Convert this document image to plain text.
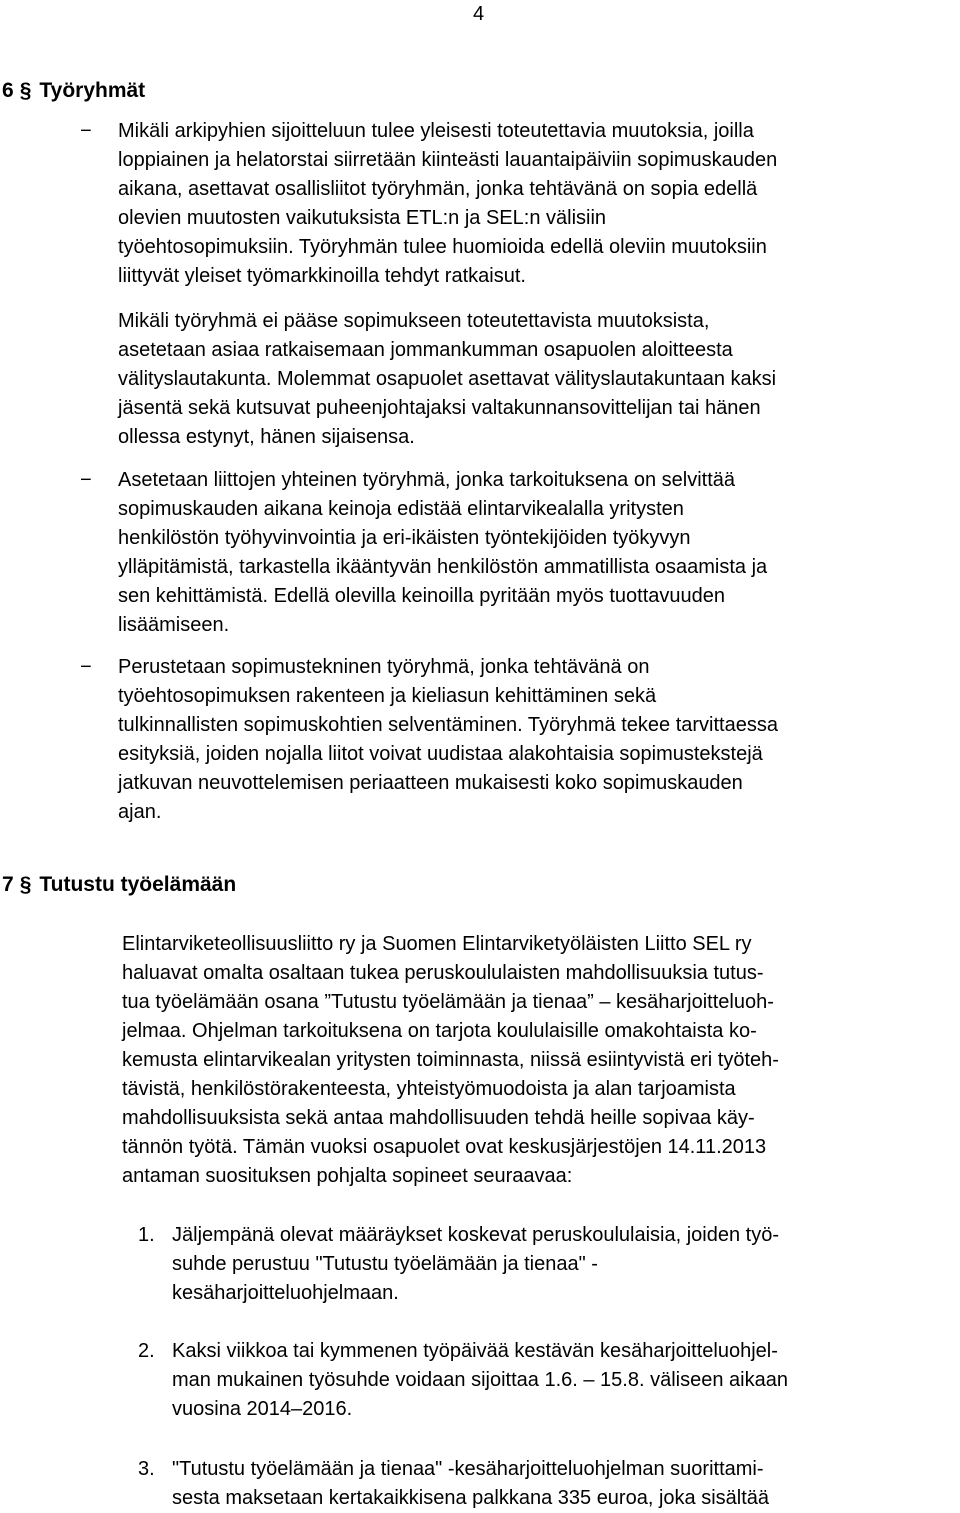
4
6 § Työryhmät
− Mikäli arkipyhien sijoitteluun tulee yleisesti toteutettavia muutoksia, joilla
loppiainen ja helatorstai siirretään kiinteästi lauantaipäiviin sopimuskauden
aikana, asettavat osallisliitot työryhmän, jonka tehtävänä on sopia edellä
olevien muutosten vaikutuksista ETL:n ja SEL:n välisiin
työehtosopimuksiin. Työryhmän tulee huomioida edellä oleviin muutoksiin
liittyvät yleiset työmarkkinoilla tehdyt ratkaisut.
Mikäli työryhmä ei pääse sopimukseen toteutettavista muutoksista,
asetetaan asiaa ratkaisemaan jommankumman osapuolen aloitteesta
välityslautakunta. Molemmat osapuolet asettavat välityslautakuntaan kaksi
jäsentä sekä kutsuvat puheenjohtajaksi valtakunnansovittelijan tai hänen
ollessa estynyt, hänen sijaisensa.
− Asetetaan liittojen yhteinen työryhmä, jonka tarkoituksena on selvittää
sopimuskauden aikana keinoja edistää elintarvikealalla yritysten
henkilöstön työhyvinvointia ja eri-ikäisten työntekijöiden työkyvyn
ylläpitämistä, tarkastella ikääntyvän henkilöstön ammatillista osaamista ja
sen kehittämistä. Edellä olevilla keinoilla pyritään myös tuottavuuden
lisäämiseen.
− Perustetaan sopimustekninen työryhmä, jonka tehtävänä on
työehtosopimuksen rakenteen ja kieliasun kehittäminen sekä
tulkinnallisten sopimuskohtien selventäminen. Työryhmä tekee tarvittaessa
esityksiä, joiden nojalla liitot voivat uudistaa alakohtaisia sopimustekstejä
jatkuvan neuvottelemisen periaatteen mukaisesti koko sopimuskauden
ajan.
7 § Tutustu työelämään
Elintarviketeollisuusliitto ry ja Suomen Elintarviketyöläisten Liitto SEL ry
haluavat omalta osaltaan tukea peruskoululaisten mahdollisuuksia tutus-
tua työelämään osana ”Tutustu työelämään ja tienaa” – kesäharjoitteluoh-
jelmaa. Ohjelman tarkoituksena on tarjota koululaisille omakohtaista ko-
kemusta elintarvikealan yritysten toiminnasta, niissä esiintyvistä eri työteh-
tävistä, henkilöstörakenteesta, yhteistyömuodoista ja alan tarjoamista
mahdollisuuksista sekä antaa mahdollisuuden tehdä heille sopivaa käy-
tännön työtä. Tämän vuoksi osapuolet ovat keskusjärjestöjen 14.11.2013
antaman suosituksen pohjalta sopineet seuraavaa:
1. Jäljempänä olevat määräykset koskevat peruskoululaisia, joiden työ-
suhde perustuu "Tutustu työelämään ja tienaa" -
kesäharjoitteluohjelmaan.
2. Kaksi viikkoa tai kymmenen työpäivää kestävän kesäharjoitteluohjel-
man mukainen työsuhde voidaan sijoittaa 1.6. – 15.8. väliseen aikaan
vuosina 2014–2016.
3. "Tutustu työelämään ja tienaa" -kesäharjoitteluohjelman suorittami-
sesta maksetaan kertakaikkisena palkkana 335 euroa, joka sisältää
